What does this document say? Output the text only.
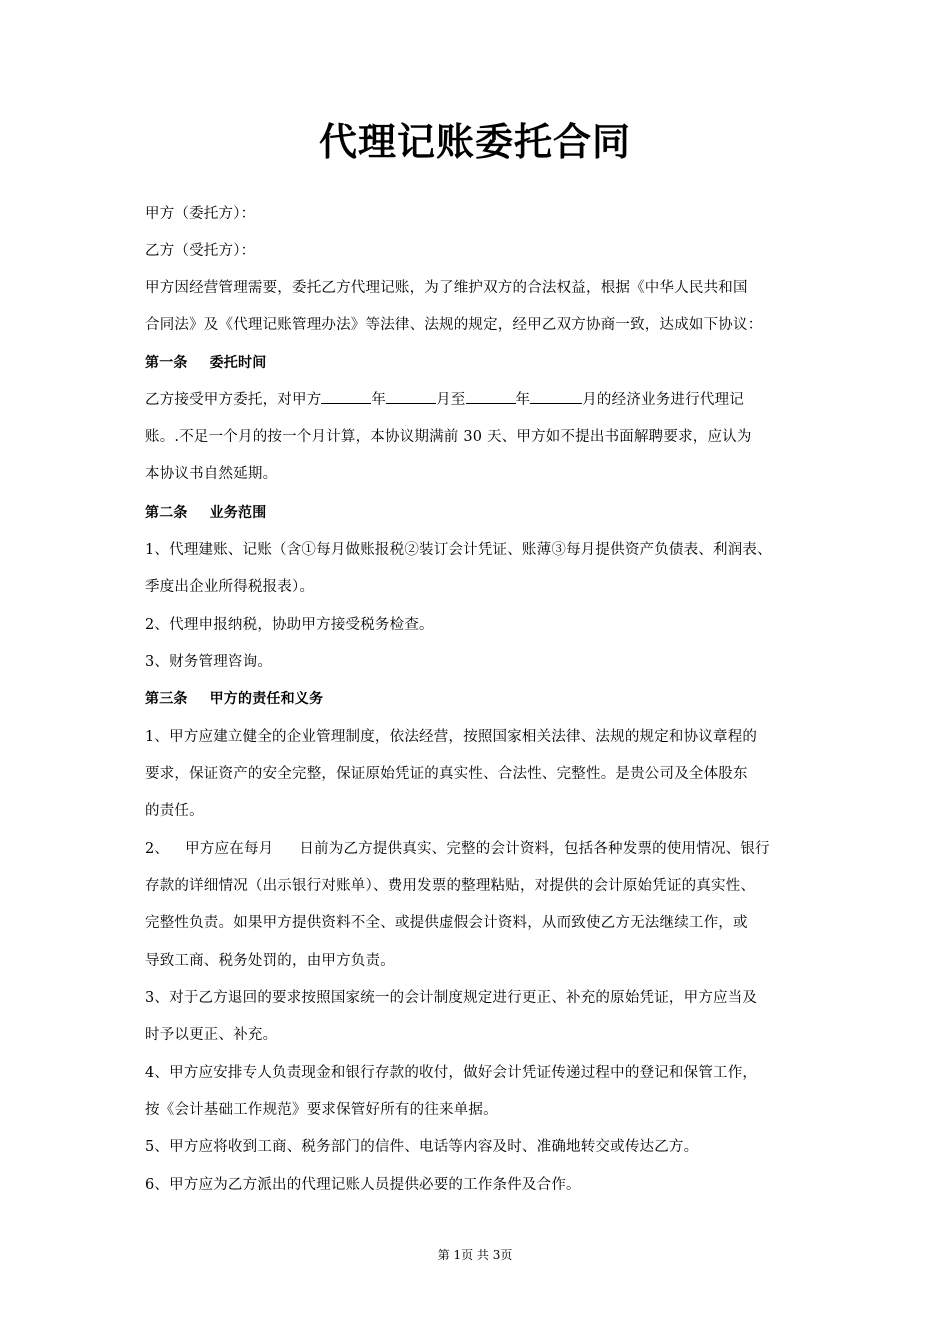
代理记账委托合同
甲方（委托方）：
乙方（受托方）：
甲方因经营管理需要，委托乙方代理记账，为了维护双方的合法权益，根据《中华人民共和国
合同法》及《代理记账管理办法》等法律、法规的规定，经甲乙双方协商一致，达成如下协议：
第一条 委托时间
乙方接受甲方委托，对甲方	年	月至	年	月的经济业务进行代理记
账。.不足一个月的按一个月计算，本协议期满前 30 天、甲方如不提出书面解聘要求，应认为
本协议书自然延期。
第二条 业务范围
1、代理建账、记账（含①每月做账报税②装订会计凭证、账薄③每月提供资产负债表、利润表、
季度出企业所得税报表）。
2、代理申报纳税，协助甲方接受税务检查。
3、财务管理咨询。
第三条 甲方的责任和义务
1、甲方应建立健全的企业管理制度，依法经营，按照国家相关法律、法规的规定和协议章程的
要求，保证资产的安全完整，保证原始凭证的真实性、合法性、完整性。是贵公司及全体股东
的责任。
2、 甲方应在每月 日前为乙方提供真实、完整的会计资料，包括各种发票的使用情况、银行
存款的详细情况（出示银行对账单）、费用发票的整理粘贴，对提供的会计原始凭证的真实性、
完整性负责。如果甲方提供资料不全、或提供虚假会计资料，从而致使乙方无法继续工作，或
导致工商、税务处罚的，由甲方负责。
3、对于乙方退回的要求按照国家统一的会计制度规定进行更正、补充的原始凭证，甲方应当及
时予以更正、补充。
4、甲方应安排专人负责现金和银行存款的收付，做好会计凭证传递过程中的登记和保管工作，
按《会计基础工作规范》要求保管好所有的往来单据。
5、甲方应将收到工商、税务部门的信件、电话等内容及时、准确地转交或传达乙方。
6、甲方应为乙方派出的代理记账人员提供必要的工作条件及合作。
第 1页 共 3页
